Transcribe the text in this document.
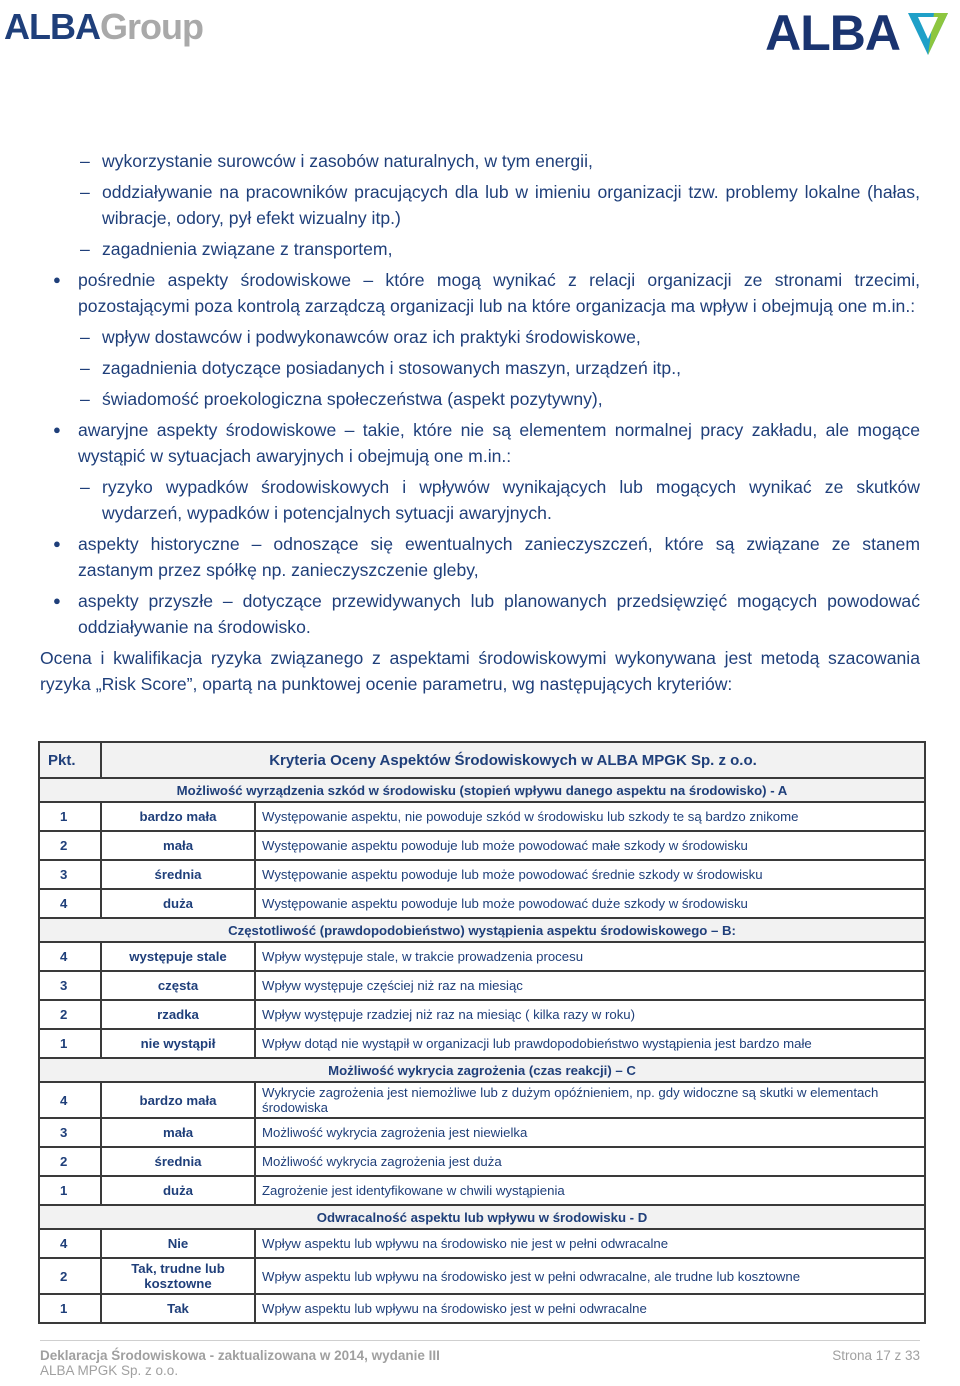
ALBAGroup	ALBA
– wykorzystanie surowców i zasobów naturalnych, w tym energii,
– oddziaływanie na pracowników pracujących dla lub w imieniu organizacji tzw. problemy lokalne (hałas, wibracje, odory, pył efekt wizualny itp.)
– zagadnienia związane z transportem,
● pośrednie aspekty środowiskowe – które mogą wynikać z relacji organizacji ze stronami trzecimi, pozostającymi poza kontrolą zarządczą organizacji lub na które organizacja ma wpływ i obejmują one m.in.:
– wpływ dostawców i podwykonawców oraz ich praktyki środowiskowe,
– zagadnienia dotyczące posiadanych i stosowanych maszyn, urządzeń itp.,
– świadomość proekologiczna społeczeństwa (aspekt pozytywny),
● awaryjne aspekty środowiskowe – takie, które nie są elementem normalnej pracy zakładu, ale mogące wystąpić w sytuacjach awaryjnych i obejmują one m.in.:
– ryzyko wypadków środowiskowych i wpływów wynikających lub mogących wynikać ze skutków wydarzeń, wypadków i potencjalnych sytuacji awaryjnych.
● aspekty historyczne – odnoszące się ewentualnych zanieczyszczeń, które są związane ze stanem zastanym przez spółkę np. zanieczyszczenie gleby,
● aspekty przyszłe – dotyczące przewidywanych lub planowanych przedsięwzięć mogących powodować oddziaływanie na środowisko.
Ocena i kwalifikacja ryzyka związanego z aspektami środowiskowymi wykonywana jest metodą szacowania ryzyka „Risk Score”, opartą na punktowej ocenie parametru, wg następujących kryteriów:
Pkt.	Kryteria Oceny Aspektów Środowiskowych w ALBA MPGK Sp. z o.o.	
Możliwość wyrządzenia szkód w środowisku (stopień wpływu danego aspektu na środowisko) - A		
1	bardzo mała	Występowanie aspektu, nie powoduje szkód w środowisku lub szkody te są bardzo znikome
2	mała	Występowanie aspektu powoduje lub może powodować małe szkody w środowisku
3	średnia	Występowanie aspektu powoduje lub może powodować średnie szkody w środowisku
4	duża	Występowanie aspektu powoduje lub może powodować duże szkody w środowisku
Częstotliwość (prawdopodobieństwo) wystąpienia aspektu środowiskowego – B:		
4	występuje stale	Wpływ występuje stale, w trakcie prowadzenia procesu
3	częsta	Wpływ występuje częściej niż raz na miesiąc
2	rzadka	Wpływ występuje rzadziej niż raz na miesiąc ( kilka razy w roku)
1	nie wystąpił	Wpływ dotąd nie wystąpił w organizacji lub prawdopodobieństwo wystąpienia jest bardzo małe
Możliwość wykrycia zagrożenia (czas reakcji) – C		
4	bardzo mała	Wykrycie zagrożenia jest niemożliwe lub z dużym opóźnieniem, np. gdy widoczne są skutki w elementach środowiska
3	mała	Możliwość wykrycia zagrożenia jest niewielka
2	średnia	Możliwość wykrycia zagrożenia jest duża
1	duża	Zagrożenie jest identyfikowane w chwili wystąpienia
Odwracalność aspektu lub wpływu w środowisku - D		
4	Nie	Wpływ aspektu lub wpływu na środowisko nie jest w pełni odwracalne
2	Tak, trudne lub kosztowne	Wpływ aspektu lub wpływu na środowisko jest w pełni odwracalne, ale trudne lub kosztowne
1	Tak	Wpływ aspektu lub wpływu na środowisko jest w pełni odwracalne
Deklaracja Środowiskowa - zaktualizowana w 2014, wydanie III
ALBA MPGK Sp. z o.o.
Strona 17 z 33
